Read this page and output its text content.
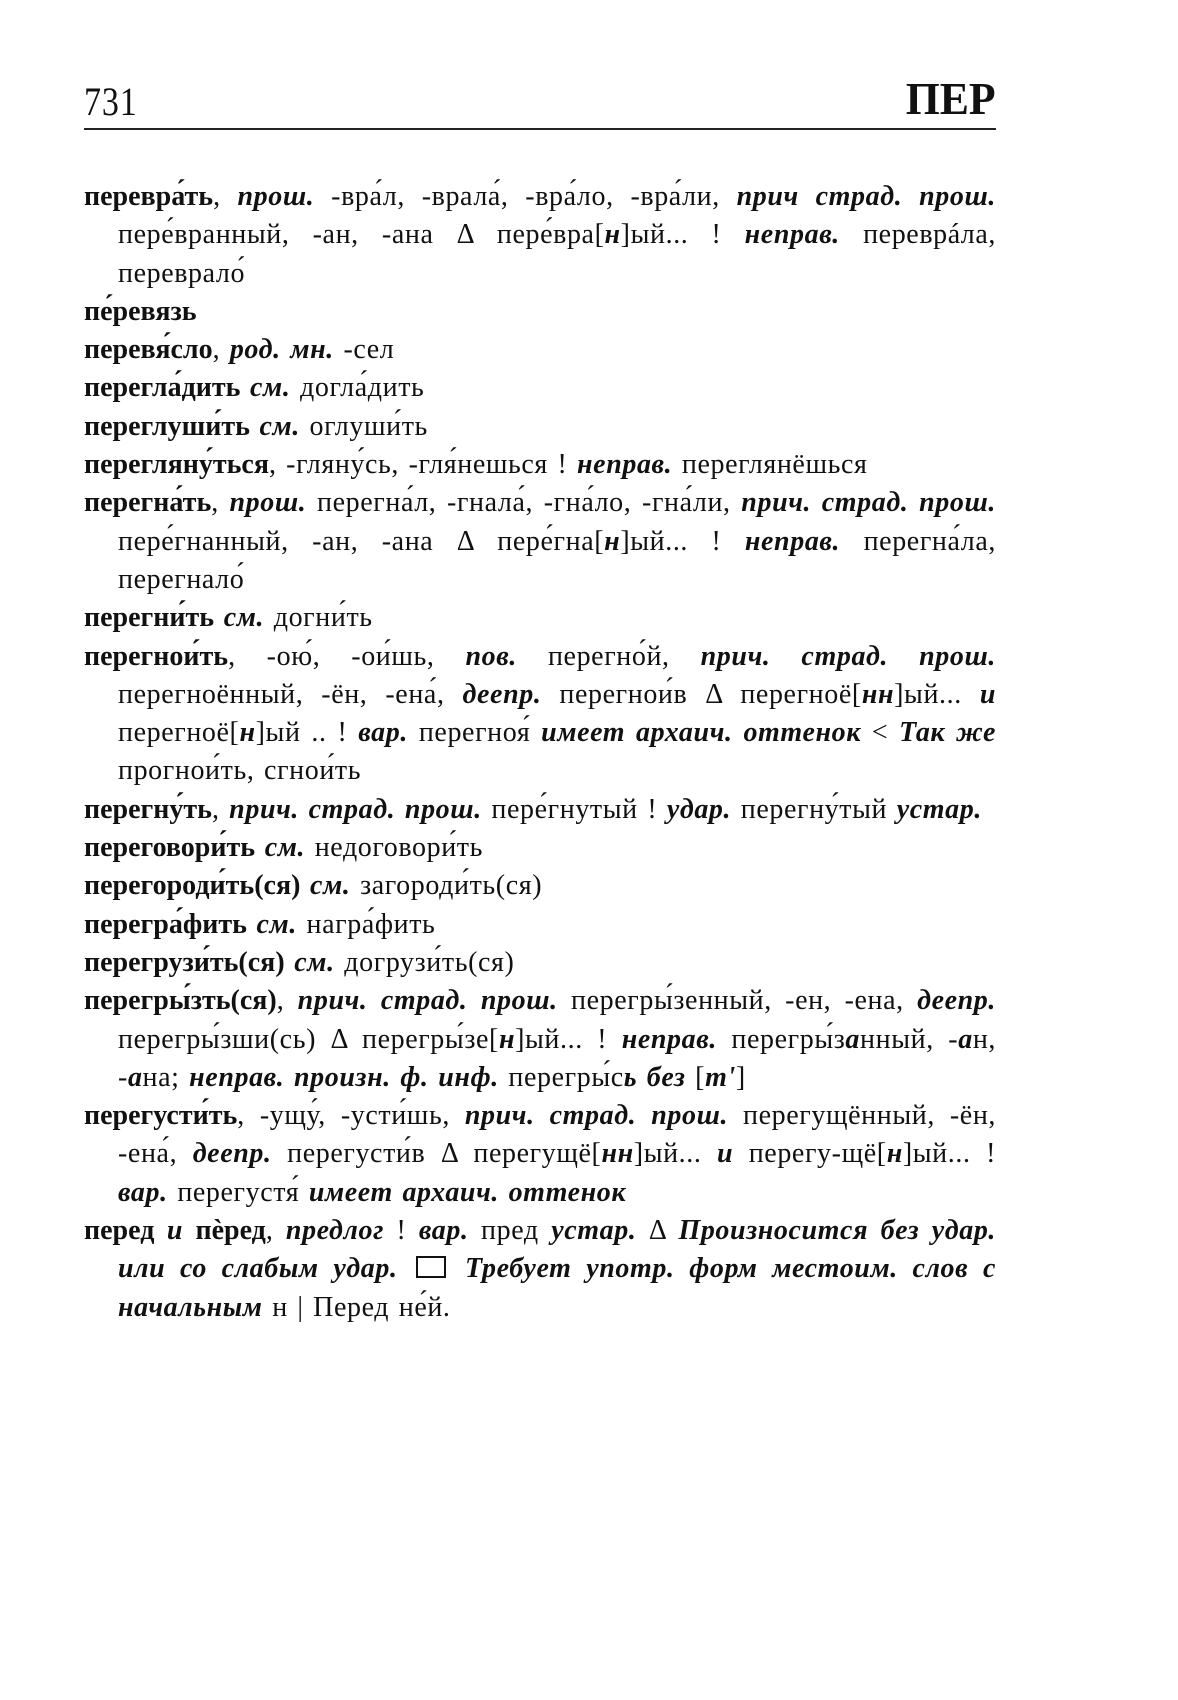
731	ПЕР

перевра́ть, прош. -вра́л, -врала́, -вра́ло, -вра́ли, прич страд. прош. пере́вранный, -ан, -ана Δ пере́вра[н]ый... ! неправ. переврáла, переврало́

пе́ревязь

перевя́сло, род. мн. -сел

перегла́дить см. догла́дить

переглуши́ть см. оглуши́ть

перегляну́ться, -гляну́сь, -гля́нешься ! неправ. переглянёшься

перегна́ть, прош. перегна́л, -гнала́, -гна́ло, -гна́ли, прич. страд. прош. пере́гнанный, -ан, -ана Δ пере́гна[н]ый... ! неправ. перегна́ла, перегнало́

перегни́ть см. догни́ть

перегнои́ть, -ою́, -ои́шь, пов. перегно́й, прич. страд. прош. перегноённый, -ён, -ена́, деепр. перегнои́в Δ перегноё[нн]ый... и перегноё[н]ый .. ! вар. перегноя́ имеет архаич. оттенок < Так же прогнои́ть, сгнои́ть

перегну́ть, прич. страд. прош. пере́гнутый ! удар. перегну́тый устар.

переговори́ть см. недоговори́ть

перегороди́ть(ся) см. загороди́ть(ся)

перегра́фить см. награ́фить

перегрузи́ть(ся) см. догрузи́ть(ся)

перегры́зть(ся), прич. страд. прош. перегры́зенный, -ен, -ена, деепр. перегры́зши(сь) Δ перегры́зе[н]ый... ! неправ. перегры́занный, -ан, -ана; неправ. произн. ф. инф. перегры́сь без [т']

перегусти́ть, -ущу́, -усти́шь, прич. страд. прош. перегущённый, -ён, -ена́, деепр. перегусти́в Δ перегущё[нн]ый... и перегу-щё[н]ый... ! вар. перегустя́ имеет архаич. оттенок

перед и пѐред, предлог ! вар. пред устар. Δ Произносится без удар. или со слабым удар. Требует употр. форм местоим. слов с начальным н | Перед не́й.
